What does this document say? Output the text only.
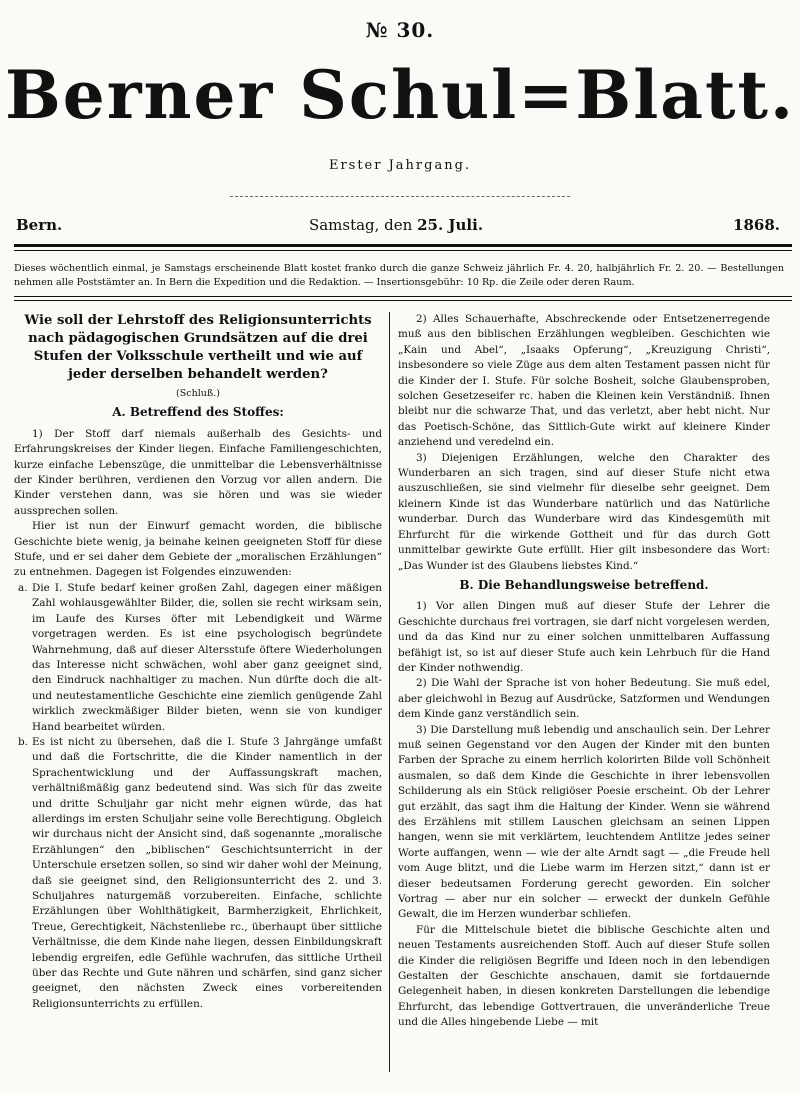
№ 30.
Berner Schul=Blatt.
Erster Jahrgang.
Bern.	Samstag, den 25. Juli.	1868.
Dieses wöchentlich einmal, je Samstags erscheinende Blatt kostet franko durch die ganze Schweiz jährlich Fr. 4. 20, halbjährlich Fr. 2. 20. — Bestellungen nehmen alle Poststämter an. In Bern die Expedition und die Redaktion. — Insertionsgebühr: 10 Rp. die Zeile oder deren Raum.
Wie soll der Lehrstoff des Religionsunterrichts nach pädagogischen Grundsätzen auf die drei Stufen der Volksschule vertheilt und wie auf jeder derselben behandelt werden?
(Schluß.)
A. Betreffend des Stoffes:

1) Der Stoff darf niemals außerhalb des Gesichts- und Erfahrungskreises der Kinder liegen. Einfache Familiengeschichten, kurze einfache Lebenszüge, die unmittelbar die Lebensverhältnisse der Kinder berühren, verdienen den Vorzug vor allen andern. Die Kinder verstehen dann, was sie hören und was sie wieder aussprechen sollen.

Hier ist nun der Einwurf gemacht worden, die biblische Geschichte biete wenig, ja beinahe keinen geeigneten Stoff für diese Stufe, und er sei daher dem Gebiete der „moralischen Erzählungen“ zu entnehmen. Dagegen ist Folgendes einzuwenden:

a. Die I. Stufe bedarf keiner großen Zahl, dagegen einer mäßigen Zahl wohlausgewählter Bilder, die, sollen sie recht wirksam sein, im Laufe des Kurses öfter mit Lebendigkeit und Wärme vorgetragen werden. Es ist eine psychologisch begründete Wahrnehmung, daß auf dieser Altersstufe öftere Wiederholungen das Interesse nicht schwächen, wohl aber ganz geeignet sind, den Eindruck nachhaltiger zu machen. Nun dürfte doch die alt- und neutestamentliche Geschichte eine ziemlich genügende Zahl wirklich zweckmäßiger Bilder bieten, wenn sie von kundiger Hand bearbeitet würden.

b. Es ist nicht zu übersehen, daß die I. Stufe 3 Jahrgänge umfaßt und daß die Fortschritte, die die Kinder namentlich in der Sprachentwicklung und der Auffassungskraft machen, verhältnißmäßig ganz bedeutend sind. Was sich für das zweite und dritte Schuljahr gar nicht mehr eignen würde, das hat allerdings im ersten Schuljahr seine volle Berechtigung. Obgleich wir durchaus nicht der Ansicht sind, daß sogenannte „moralische Erzählungen“ den „biblischen“ Geschichtsunterricht in der Unterschule ersetzen sollen, so sind wir daher wohl der Meinung, daß sie geeignet sind, den Religionsunterricht des 2. und 3. Schuljahres naturgemäß vorzubereiten. Einfache, schlichte Erzählungen über Wohlthätigkeit, Barmherzigkeit, Ehrlichkeit, Treue, Gerechtigkeit, Nächstenliebe rc., überhaupt über sittliche Verhältnisse, die dem Kinde nahe liegen, dessen Einbildungskraft lebendig ergreifen, edle Gefühle wachrufen, das sittliche Urtheil über das Rechte und Gute nähren und schärfen, sind ganz sicher geeignet, den nächsten Zweck eines vorbereitenden Religionsunterrichts zu erfüllen.

2) Alles Schauerhafte, Abschreckende oder Entsetzenerregende muß aus den biblischen Erzählungen wegbleiben. Geschichten wie „Kain und Abel“, „Isaaks Opferung“, „Kreuzigung Christi“, insbesondere so viele Züge aus dem alten Testament passen nicht für die Kinder der I. Stufe. Für solche Bosheit, solche Glaubensproben, solchen Gesetzeseifer rc. haben die Kleinen kein Verständniß. Ihnen bleibt nur die schwarze That, und das verletzt, aber hebt nicht. Nur das Poetisch-Schöne, das Sittlich-Gute wirkt auf kleinere Kinder anziehend und veredelnd ein.

3) Diejenigen Erzählungen, welche den Charakter des Wunderbaren an sich tragen, sind auf dieser Stufe nicht etwa auszuschließen, sie sind vielmehr für dieselbe sehr geeignet. Dem kleinern Kinde ist das Wunderbare natürlich und das Natürliche wunderbar. Durch das Wunderbare wird das Kindesgemüth mit Ehrfurcht für die wirkende Gottheit und für das durch Gott unmittelbar gewirkte Gute erfüllt. Hier gilt insbesondere das Wort: „Das Wunder ist des Glaubens liebstes Kind.“

B. Die Behandlungsweise betreffend.

1) Vor allen Dingen muß auf dieser Stufe der Lehrer die Geschichte durchaus frei vortragen, sie darf nicht vorgelesen werden, und da das Kind nur zu einer solchen unmittelbaren Auffassung befähigt ist, so ist auf dieser Stufe auch kein Lehrbuch für die Hand der Kinder nothwendig.

2) Die Wahl der Sprache ist von hoher Bedeutung. Sie muß edel, aber gleichwohl in Bezug auf Ausdrücke, Satzformen und Wendungen dem Kinde ganz verständlich sein.

3) Die Darstellung muß lebendig und anschaulich sein. Der Lehrer muß seinen Gegenstand vor den Augen der Kinder mit den bunten Farben der Sprache zu einem herrlich kolorirten Bilde voll Schönheit ausmalen, so daß dem Kinde die Geschichte in ihrer lebensvollen Schilderung als ein Stück religiöser Poesie erscheint. Ob der Lehrer gut erzählt, das sagt ihm die Haltung der Kinder. Wenn sie während des Erzählens mit stillem Lauschen gleichsam an seinen Lippen hangen, wenn sie mit verklärtem, leuchtendem Antlitze jedes seiner Worte auffangen, wenn — wie der alte Arndt sagt — „die Freude hell vom Auge blitzt, und die Liebe warm im Herzen sitzt,“ dann ist er dieser bedeutsamen Forderung gerecht geworden. Ein solcher Vortrag — aber nur ein solcher — erweckt der dunkeln Gefühle Gewalt, die im Herzen wunderbar schliefen.

Für die Mittelschule bietet die biblische Geschichte alten und neuen Testaments ausreichenden Stoff. Auch auf dieser Stufe sollen die Kinder die religiösen Begriffe und Ideen noch in den lebendigen Gestalten der Geschichte anschauen, damit sie fortdauernde Gelegenheit haben, in diesen konkreten Darstellungen die lebendige Ehrfurcht, das lebendige Gottvertrauen, die unveränderliche Treue und die Alles hingebende Liebe — mit
